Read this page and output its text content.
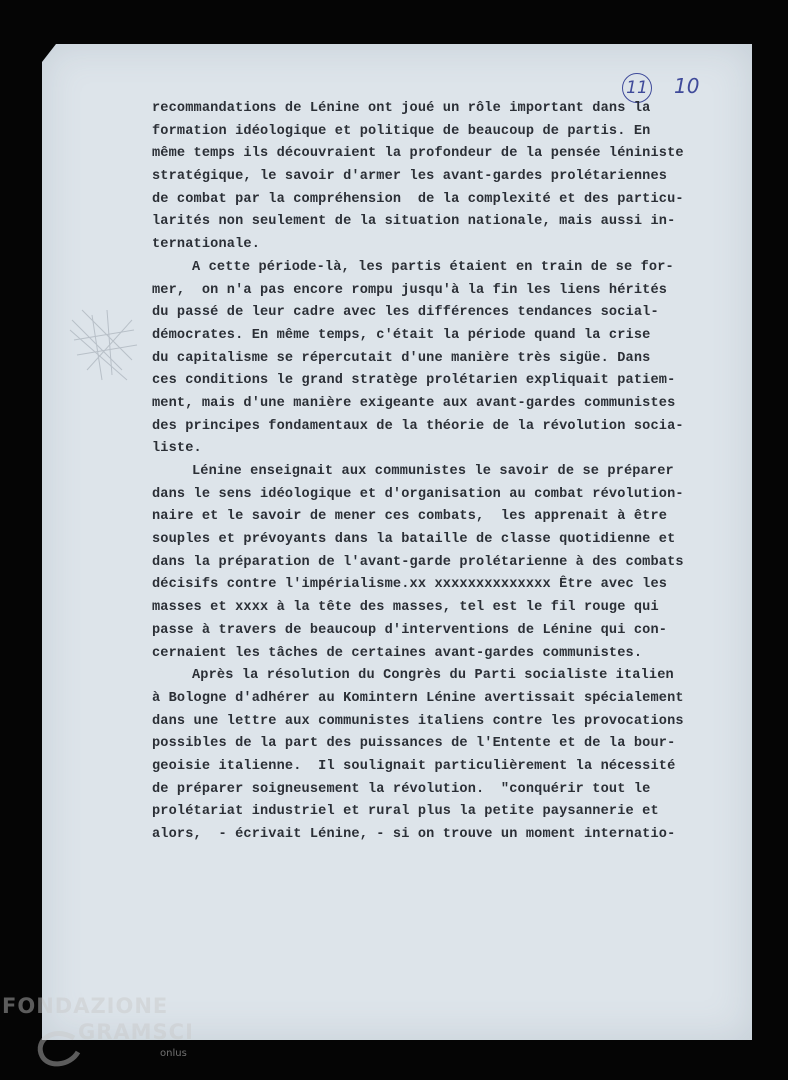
11 10
recommandations de Lénine ont joué un rôle important dans la
formation idéologique et politique de beaucoup de partis. En
même temps ils découvraient la profondeur de la pensée léniniste
stratégique, le savoir d'armer les avant-gardes prolétariennes
de combat par la compréhension  de la complexité et des particu-
larités non seulement de la situation nationale, mais aussi in-
ternationale.
A cette période-là, les partis étaient en train de se for-
mer,  on n'a pas encore rompu jusqu'à la fin les liens hérités
du passé de leur cadre avec les différences tendances social-
démocrates. En même temps, c'était la période quand la crise
du capitalisme se répercutait d'une manière très sigüe. Dans
ces conditions le grand stratège prolétarien expliquait patiem-
ment, mais d'une manière exigeante aux avant-gardes communistes
des principes fondamentaux de la théorie de la révolution socia-
liste.
Lénine enseignait aux communistes le savoir de se préparer
dans le sens idéologique et d'organisation au combat révolution-
naire et le savoir de mener ces combats,  les apprenait à être
souples et prévoyants dans la bataille de classe quotidienne et
dans la préparation de l'avant-garde prolétarienne à des combats
décisifs contre l'impérialisme.xx xxxxxxxxxxxxxx Être avec les
masses et xxxx à la tête des masses, tel est le fil rouge qui
passe à travers de beaucoup d'interventions de Lénine qui con-
cernaient les tâches de certaines avant-gardes communistes.
Après la résolution du Congrès du Parti socialiste italien
à Bologne d'adhérer au Komintern Lénine avertissait spécialement
dans une lettre aux communistes italiens contre les provocations
possibles de la part des puissances de l'Entente et de la bour-
geoisie italienne.  Il soulignait particulièrement la nécessité
de préparer soigneusement la révolution.  "conquérir tout le
prolétariat industriel et rural plus la petite paysannerie et
alors,  - écrivait Lénine, - si on trouve un moment internatio-
FONDAZIONE
GRAMSCI
onlus
